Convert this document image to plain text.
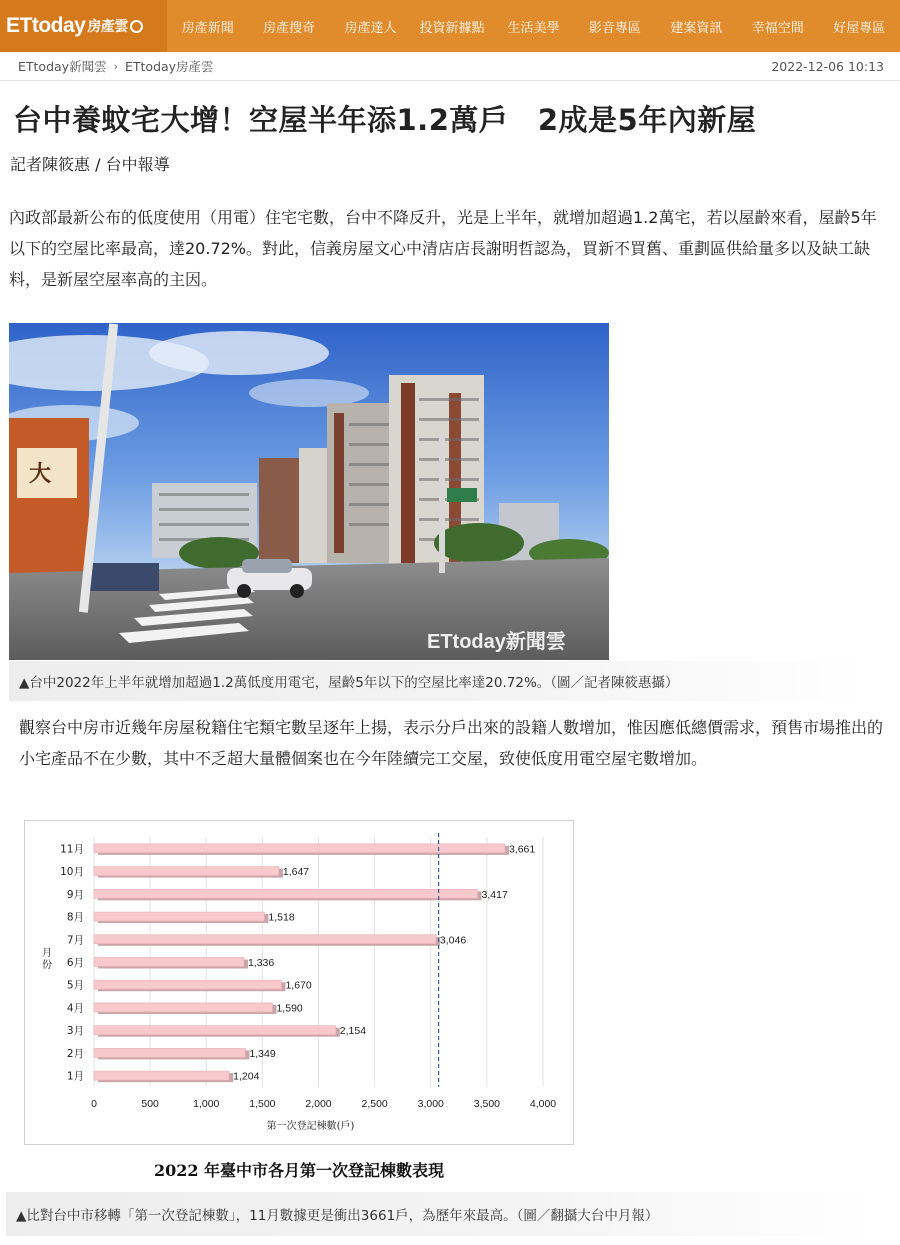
ETtoday 房產雲	房產新聞	房產搜奇	房產達人	投資新據點	生活美學	影音專區	建案資訊	幸福空間	好屋專區
ETtoday新聞雲 › ETtoday房產雲	2022-12-06 10:13
台中養蚊宅大增！空屋半年添1.2萬戶　2成是5年內新屋
記者陳筱惠 / 台中報導

內政部最新公布的低度使用（用電）住宅宅數，台中不降反升，光是上半年，就增加超過1.2萬宅，若以屋齡來看，屋齡5年以下的空屋比率最高，達20.72%。對此，信義房屋文心中清店店長謝明哲認為，買新不買舊、重劃區供給量多以及缺工缺料，是新屋空屋率高的主因。

大
ETtoday新聞雲
▲台中2022年上半年就增加超過1.2萬低度用電宅，屋齡5年以下的空屋比率達20.72%。（圖／記者陳筱惠攝）

觀察台中房市近幾年房屋稅籍住宅類宅數呈逐年上揚，表示分戶出來的設籍人數增加，惟因應低總價需求，預售市場推出的小宅產品不在少數，其中不乏超大量體個案也在今年陸續完工交屋，致使低度用電空屋宅數增加。

0	500	1,000	1,500	2,000	2,500	3,000	3,500	4,000
11月	3,661
10月	1,647
9月	3,417
8月	1,518
7月	3,046
6月	1,336
5月	1,670
4月	1,590
3月	2,154
2月	1,349
1月	1,204
第一次登記棟數(戶)
月
份
2022 年臺中市各月第一次登記棟數表現
▲比對台中市移轉「第一次登記棟數」，11月數據更是衝出3661戶，為歷年來最高。（圖／翻攝大台中月報）
